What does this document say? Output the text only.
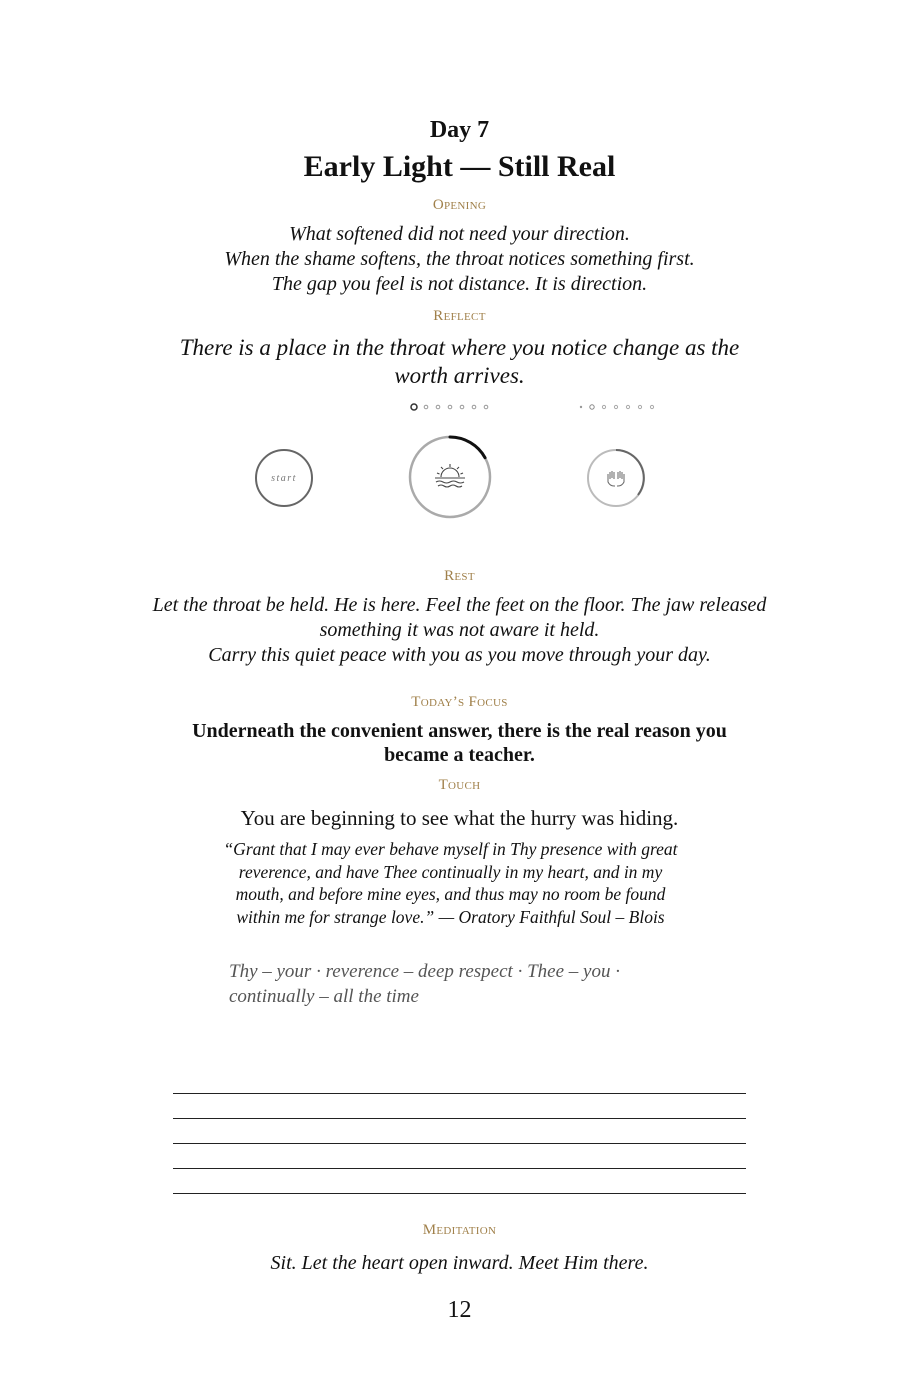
Day 7
Early Light — Still Real
Opening
What softened did not need your direction.
When the shame softens, the throat notices something first.
The gap you feel is not distance. It is direction.
Reflect
There is a place in the throat where you notice change as the worth arrives.
start
Rest
Let the throat be held. He is here. Feel the feet on the floor. The jaw released something it was not aware it held.
Carry this quiet peace with you as you move through your day.
Today’s Focus
Underneath the convenient answer, there is the real reason you became a teacher.
Touch
You are beginning to see what the hurry was hiding.
“Grant that I may ever behave myself in Thy presence with great reverence, and have Thee continually in my heart, and in my mouth, and before mine eyes, and thus may no room be found within me for strange love.” — Oratory Faithful Soul – Blois
Thy – your · reverence – deep respect · Thee – you · continually – all the time
Meditation
Sit. Let the heart open inward. Meet Him there.
12
